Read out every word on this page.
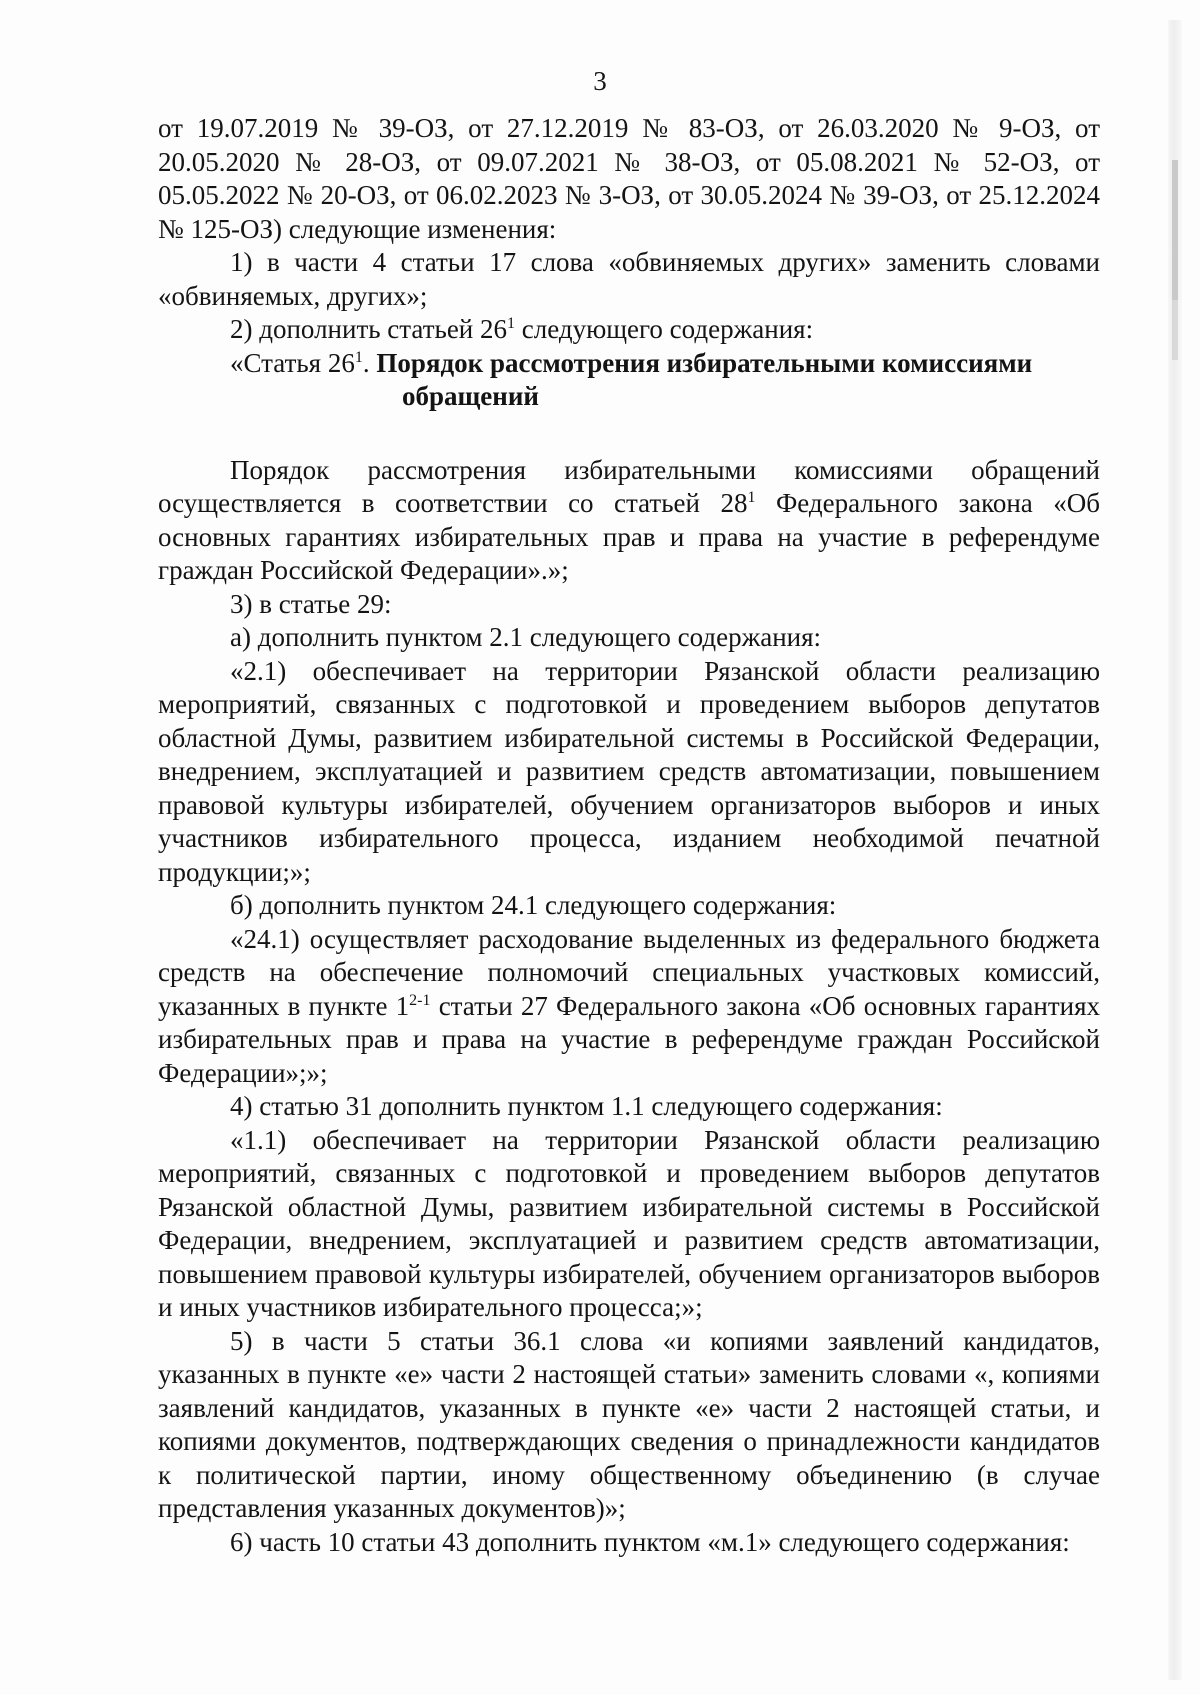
3

от 19.07.2019 № 39-ОЗ, от 27.12.2019 № 83-ОЗ, от 26.03.2020 № 9-ОЗ, от 20.05.2020 № 28-ОЗ, от 09.07.2021 № 38-ОЗ, от 05.08.2021 № 52-ОЗ, от 05.05.2022 № 20-ОЗ, от 06.02.2023 № 3-ОЗ, от 30.05.2024 № 39-ОЗ, от 25.12.2024 № 125-ОЗ) следующие изменения:

1) в части 4 статьи 17 слова «обвиняемых других» заменить словами «обвиняемых, других»;

2) дополнить статьей $26^1$ следующего содержания:

«Статья $26^1$. Порядок рассмотрения избирательными комиссиями

обращений

Порядок рассмотрения избирательными комиссиями обращений осуществляется в соответствии со статьей $28^1$ Федерального закона «Об основных гарантиях избирательных прав и права на участие в референдуме граждан Российской Федерации».»;

3) в статье 29:

а) дополнить пунктом 2.1 следующего содержания:

«2.1) обеспечивает на территории Рязанской области реализацию мероприятий, связанных с подготовкой и проведением выборов депутатов областной Думы, развитием избирательной системы в Российской Федерации, внедрением, эксплуатацией и развитием средств автоматизации, повышением правовой культуры избирателей, обучением организаторов выборов и иных участников избирательного процесса, изданием необходимой печатной продукции;»;

б) дополнить пунктом 24.1 следующего содержания:

«24.1) осуществляет расходование выделенных из федерального бюджета средств на обеспечение полномочий специальных участковых комиссий, указанных в пункте 1$^{2-1}$ статьи 27 Федерального закона «Об основных гарантиях избирательных прав и права на участие в референдуме граждан Российской Федерации»;»;

4) статью 31 дополнить пунктом 1.1 следующего содержания:

«1.1) обеспечивает на территории Рязанской области реализацию мероприятий, связанных с подготовкой и проведением выборов депутатов Рязанской областной Думы, развитием избирательной системы в Российской Федерации, внедрением, эксплуатацией и развитием средств автоматизации, повышением правовой культуры избирателей, обучением организаторов выборов и иных участников избирательного процесса;»;

5) в части 5 статьи 36.1 слова «и копиями заявлений кандидатов, указанных в пункте «е» части 2 настоящей статьи» заменить словами «, копиями заявлений кандидатов, указанных в пункте «е» части 2 настоящей статьи, и копиями документов, подтверждающих сведения о принадлежности кандидатов к политической партии, иному общественному объединению (в случае представления указанных документов)»;

6) часть 10 статьи 43 дополнить пунктом «м.1» следующего содержания:
